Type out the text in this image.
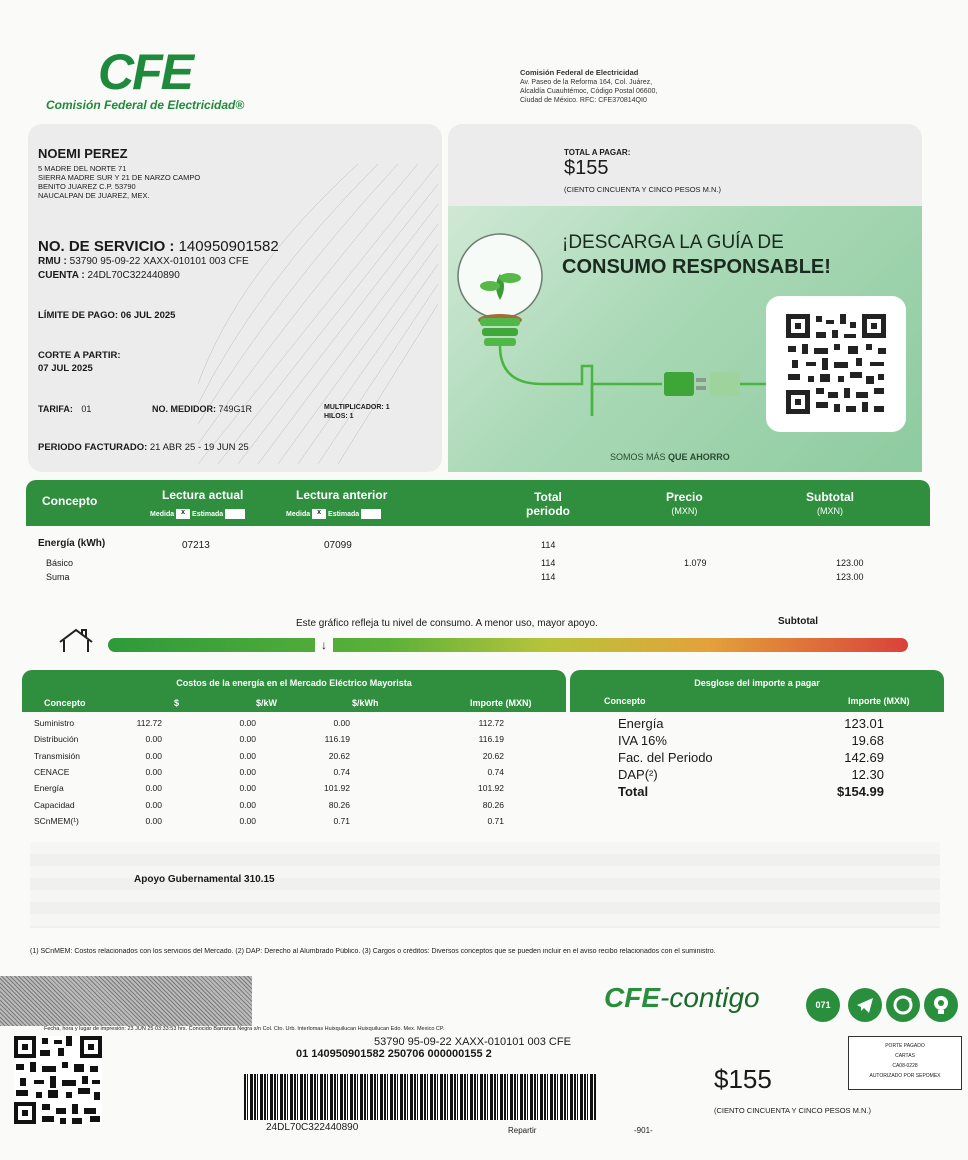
CFE
Comisión Federal de Electricidad®
Comisión Federal de Electricidad
Av. Paseo de la Reforma 164, Col. Juárez,
Alcaldía Cuauhtémoc, Código Postal 06600,
Ciudad de México. RFC: CFE370814QI0
NOEMI PEREZ
5 MADRE DEL NORTE 71
SIERRA MADRE SUR Y 21 DE NARZO CAMPO
BENITO JUAREZ C.P. 53790
NAUCALPAN DE JUAREZ, MEX.
NO. DE SERVICIO : 140950901582
RMU : 53790 95-09-22 XAXX-010101 003 CFE
CUENTA : 24DL70C322440890
LÍMITE DE PAGO: 06 JUL 2025
CORTE A PARTIR:
07 JUL 2025
TARIFA: 01	NO. MEDIDOR: 749G1R	MULTIPLICADOR: 1
HILOS: 1
PERIODO FACTURADO: 21 ABR 25 - 19 JUN 25
TOTAL A PAGAR:
$155
(CIENTO CINCUENTA Y CINCO PESOS M.N.)
¡DESCARGA LA GUÍA DE
CONSUMO RESPONSABLE!
SOMOS MÁS QUE AHORRO
Concepto	Lectura actual
Medida x Estimada
Lectura anterior
Medida x Estimada
Total
periodo
Precio
(MXN)
Subtotal
(MXN)
Energía (kWh)	07213	07099	114
Básico	114	1.079	123.00
Suma	114	123.00
Este gráfico refleja tu nivel de consumo. A menor uso, mayor apoyo.	Subtotal
↓
Costos de la energía en el Mercado Eléctrico Mayorista
Concepto	$	$/kW	$/kWh	Importe (MXN)
Suministro	112.72	0.00	0.00	112.72
Distribución	0.00	0.00	116.19	116.19
Transmisión	0.00	0.00	20.62	20.62
CENACE	0.00	0.00	0.74	0.74
Energía	0.00	0.00	101.92	101.92
Capacidad	0.00	0.00	80.26	80.26
SCnMEM(¹)	0.00	0.00	0.71	0.71
Desglose del importe a pagar
Concepto	Importe (MXN)
Energía	123.01
IVA 16%	19.68
Fac. del Periodo	142.69
DAP(²)	12.30
Total	$154.99
Apoyo Gubernamental 310.15
(1) SCnMEM: Costos relacionados con los servicios del Mercado. (2) DAP: Derecho al Alumbrado Público. (3) Cargos o créditos: Diversos conceptos que se pueden incluir en el aviso recibo relacionados con el suministro.
CFE-contigo	071
Fecha, hora y lugar de impresión: 23 JUN 25 03:33:53 hrs. Conocido Barranca Negra s/n Col. Cto. Urb. Interlomas Huixquilucan Huixquilucan Edo. Mex. Mexico CP.
53790 95-09-22 XAXX-010101 003 CFE
01 140950901582 250706 000000155 2
24DL70C322440890	Repartir	-901-
$155
(CIENTO CINCUENTA Y CINCO PESOS M.N.)
PORTE PAGADO
CARTAS
CA08-0228
AUTORIZADO POR SEPOMEX
